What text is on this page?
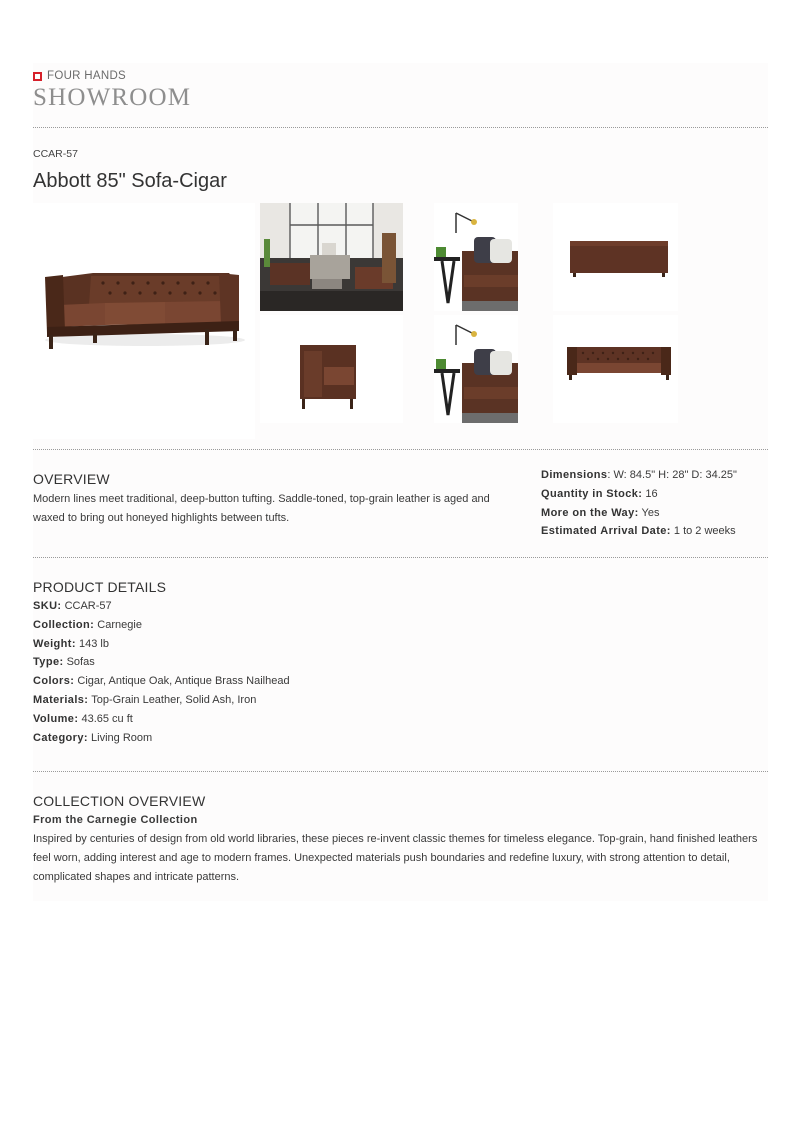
FOUR HANDS
SHOWROOM
CCAR-57
Abbott 85" Sofa-Cigar
OVERVIEW
Modern lines meet traditional, deep-button tufting. Saddle-toned, top-grain leather is aged and waxed to bring out honeyed highlights between tufts.
Dimensions: W: 84.5" H: 28" D: 34.25"
Quantity in Stock: 16
More on the Way: Yes
Estimated Arrival Date: 1 to 2 weeks
PRODUCT DETAILS
SKU: CCAR-57
Collection: Carnegie
Weight: 143 lb
Type: Sofas
Colors: Cigar, Antique Oak, Antique Brass Nailhead
Materials: Top-Grain Leather, Solid Ash, Iron
Volume: 43.65 cu ft
Category: Living Room
COLLECTION OVERVIEW
From the Carnegie Collection
Inspired by centuries of design from old world libraries, these pieces re-invent classic themes for timeless elegance. Top-grain, hand finished leathers feel worn, adding interest and age to modern frames. Unexpected materials push boundaries and redefine luxury, with strong attention to detail, complicated shapes and intricate patterns.
